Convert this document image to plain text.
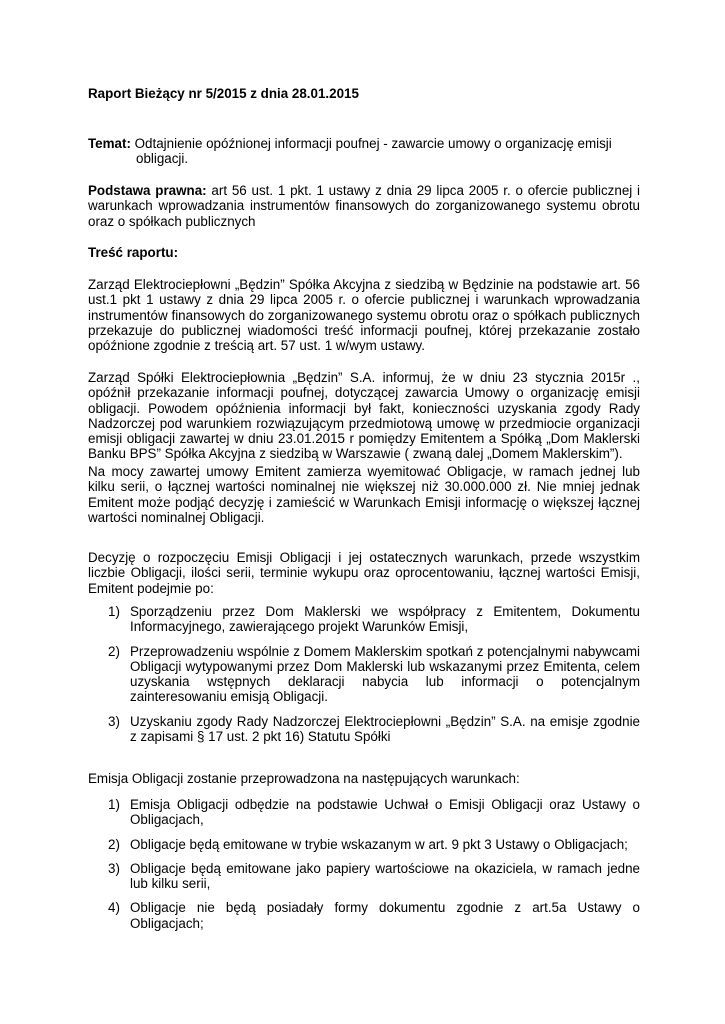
Raport Bieżący nr 5/2015 z dnia 28.01.2015
Temat: Odtajnienie opóźnionej informacji poufnej - zawarcie umowy o organizację emisji
obligacji.
Podstawa prawna: art 56 ust. 1 pkt. 1 ustawy z dnia 29 lipca 2005 r. o ofercie publicznej i warunkach wprowadzania instrumentów finansowych do zorganizowanego systemu obrotu oraz o spółkach publicznych
Treść raportu:
Zarząd Elektrociepłowni „Będzin” Spółka Akcyjna z siedzibą w Będzinie na podstawie art. 56 ust.1 pkt 1 ustawy z dnia 29 lipca 2005 r. o ofercie publicznej i warunkach wprowadzania instrumentów finansowych do zorganizowanego systemu obrotu oraz o spółkach publicznych przekazuje do publicznej wiadomości treść informacji poufnej, której przekazanie zostało opóźnione zgodnie z treścią art. 57 ust. 1 w/wym ustawy.
Zarząd Spółki Elektrociepłownia „Będzin” S.A. informuj, że w dniu 23 stycznia 2015r ., opóźnił przekazanie informacji poufnej, dotyczącej zawarcia Umowy o organizację emisji obligacji. Powodem opóźnienia informacji był fakt, konieczności uzyskania zgody Rady Nadzorczej pod warunkiem rozwiązującym przedmiotową umowę w przedmiocie organizacji emisji obligacji zawartej w dniu 23.01.2015 r pomiędzy Emitentem a Spółką „Dom Maklerski Banku BPS” Spółka Akcyjna z siedzibą w Warszawie ( zwaną dalej „Domem Maklerskim”).
Na mocy zawartej umowy Emitent zamierza wyemitować Obligacje, w ramach jednej lub kilku serii, o łącznej wartości nominalnej nie większej niż 30.000.000 zł. Nie mniej jednak Emitent może podjąć decyzję i zamieścić w Warunkach Emisji informację o większej łącznej wartości nominalnej Obligacji.
Decyzję o rozpoczęciu Emisji Obligacji i jej ostatecznych warunkach, przede wszystkim liczbie Obligacji, ilości serii, terminie wykupu oraz oprocentowaniu, łącznej wartości Emisji, Emitent podejmie po:
1) Sporządzeniu przez Dom Maklerski we współpracy z Emitentem, Dokumentu Informacyjnego, zawierającego projekt Warunków Emisji,
2) Przeprowadzeniu wspólnie z Domem Maklerskim spotkań z potencjalnymi nabywcami Obligacji wytypowanymi przez Dom Maklerski lub wskazanymi przez Emitenta, celem uzyskania wstępnych deklaracji nabycia lub informacji o potencjalnym zainteresowaniu emisją Obligacji.
3) Uzyskaniu zgody Rady Nadzorczej Elektrociepłowni „Będzin” S.A. na emisje zgodnie z zapisami § 17 ust. 2 pkt 16) Statutu Spółki
Emisja Obligacji zostanie przeprowadzona na następujących warunkach:
1) Emisja Obligacji odbędzie na podstawie Uchwał o Emisji Obligacji oraz Ustawy o Obligacjach,
2) Obligacje będą emitowane w trybie wskazanym w art. 9 pkt 3 Ustawy o Obligacjach;
3) Obligacje będą emitowane jako papiery wartościowe na okaziciela, w ramach jedne lub kilku serii,
4) Obligacje nie będą posiadały formy dokumentu zgodnie z art.5a Ustawy o Obligacjach;
